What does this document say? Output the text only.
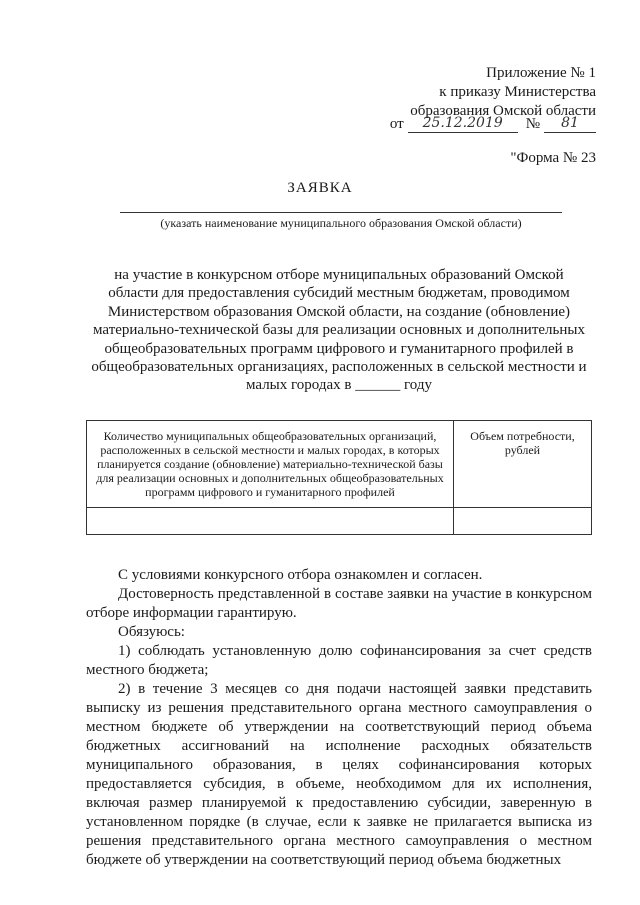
Приложение № 1
к приказу Министерства
образования Омской области
от	25.12.2019	№	81
"Форма № 23
ЗАЯВКА
(указать наименование муниципального образования Омской области)
на участие в конкурсном отборе муниципальных образований Омской области для предоставления субсидий местным бюджетам, проводимом Министерством образования Омской области, на создание (обновление) материально-технической базы для реализации основных и дополнительных общеобразовательных программ цифрового и гуманитарного профилей в общеобразовательных организациях, расположенных в сельской местности и малых городах в ______ году
Количество муниципальных общеобразовательных организаций, расположенных в сельской местности и малых городах, в которых планируется создание (обновление) материально-технической базы для реализации основных и дополнительных общеобразовательных программ цифрового и гуманитарного профилей	Объем потребности, рублей

С условиями конкурсного отбора ознакомлен и согласен.

Достоверность представленной в составе заявки на участие в конкурсном отборе информации гарантирую.

Обязуюсь:

1) соблюдать установленную долю софинансирования за счет средств местного бюджета;

2) в течение 3 месяцев со дня подачи настоящей заявки представить выписку из решения представительного органа местного самоуправления о местном бюджете об утверждении на соответствующий период объема бюджетных ассигнований на исполнение расходных обязательств муниципального образования, в целях софинансирования которых предоставляется субсидия, в объеме, необходимом для их исполнения, включая размер планируемой к предоставлению субсидии, заверенную в установленном порядке (в случае, если к заявке не прилагается выписка из решения представительного органа местного самоуправления о местном бюджете об утверждении на соответствующий период объема бюджетных
